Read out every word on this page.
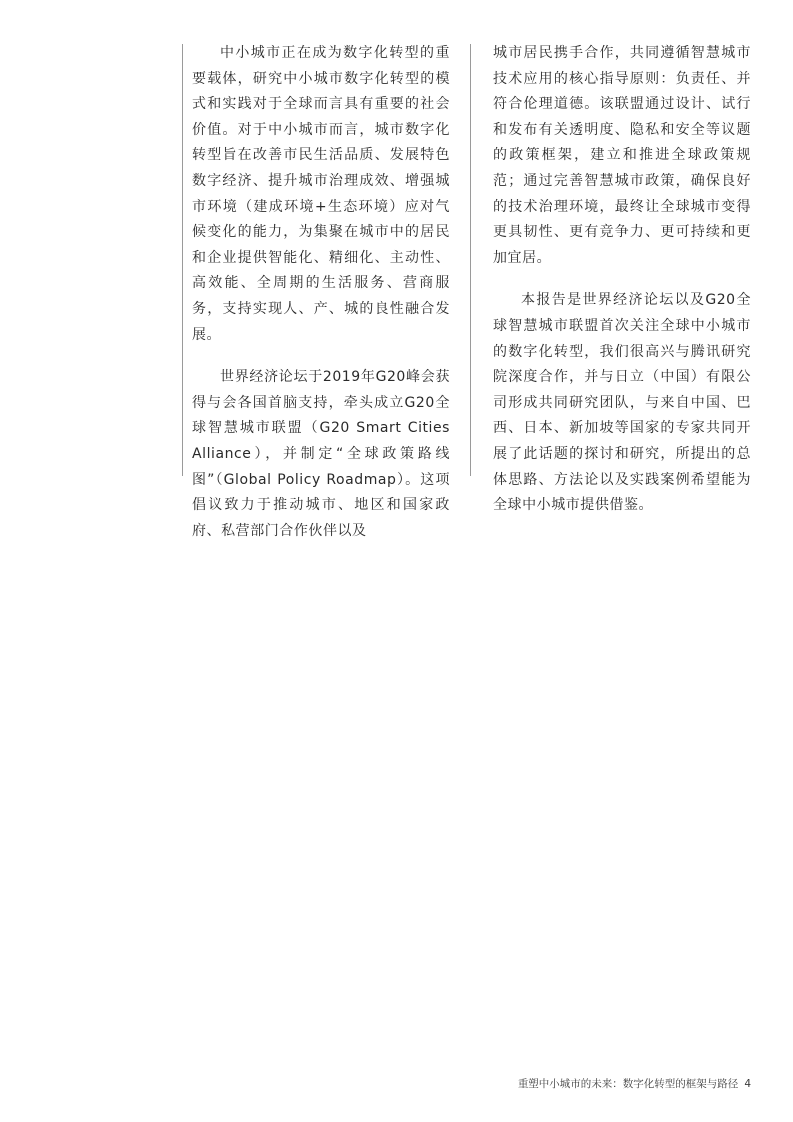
中小城市正在成为数字化转型的重要载体，研究中小城市数字化转型的模式和实践对于全球而言具有重要的社会价值。对于中小城市而言，城市数字化转型旨在改善市民生活品质、发展特色数字经济、提升城市治理成效、增强城市环境（建成环境+生态环境）应对气候变化的能力，为集聚在城市中的居民和企业提供智能化、精细化、主动性、高效能、全周期的生活服务、营商服务，支持实现人、产、城的良性融合发展。

世界经济论坛于2019年G20峰会获得与会各国首脑支持，牵头成立G20全球智慧城市联盟（G20 Smart Cities Alliance），并制定“全球政策路线图”（Global Policy Roadmap）。这项倡议致力于推动城市、地区和国家政府、私营部门合作伙伴以及

城市居民携手合作，共同遵循智慧城市技术应用的核心指导原则：负责任、并符合伦理道德。该联盟通过设计、试行和发布有关透明度、隐私和安全等议题的政策框架，建立和推进全球政策规范；通过完善智慧城市政策，确保良好的技术治理环境，最终让全球城市变得更具韧性、更有竞争力、更可持续和更加宜居。

本报告是世界经济论坛以及G20全球智慧城市联盟首次关注全球中小城市的数字化转型，我们很高兴与腾讯研究院深度合作，并与日立（中国）有限公司形成共同研究团队，与来自中国、巴西、日本、新加坡等国家的专家共同开展了此话题的探讨和研究，所提出的总体思路、方法论以及实践案例希望能为全球中小城市提供借鉴。

重塑中小城市的未来：数字化转型的框架与路径 4
